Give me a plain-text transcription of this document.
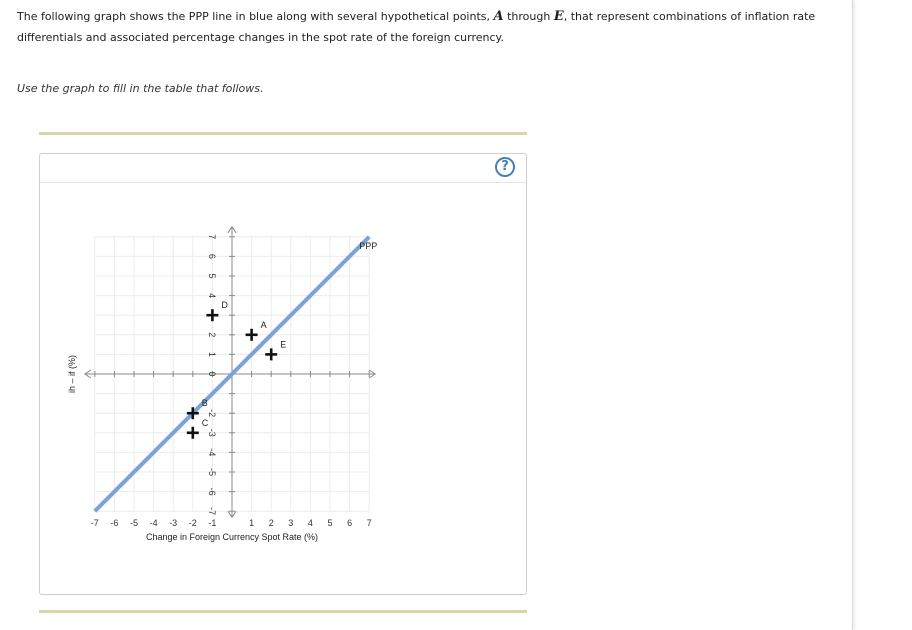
The following graph shows the PPP line in blue along with several hypothetical points, A through E, that represent combinations of inflation rate differentials and associated percentage changes in the spot rate of the foreign currency.
Use the graph to fill in the table that follows.
?
-7 -6 -5 -4 -3 -2 -1	1 2 3 4 5 6 7
7
6
5
4
2
1
0
-2
-3
-4
-5
-6
-7
PPP
A
B
C
D
E
Change in Foreign Currency Spot Rate (%)
ih – if (%)
